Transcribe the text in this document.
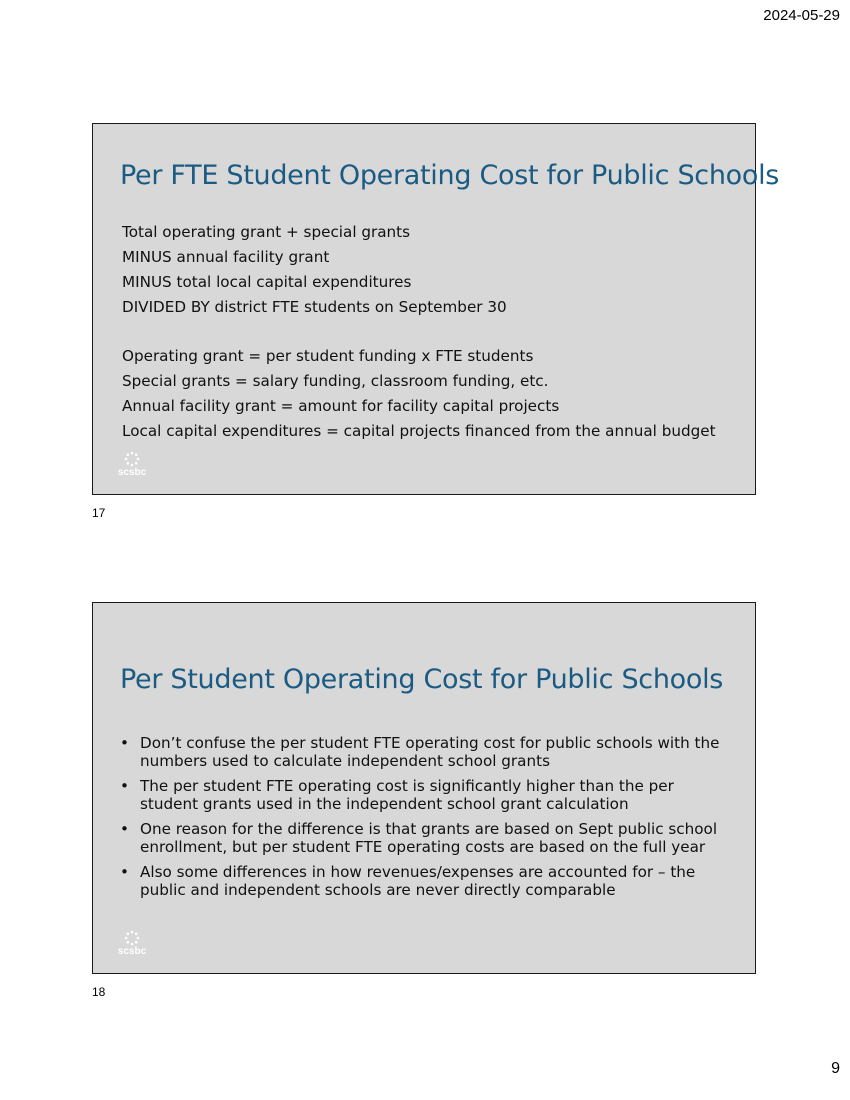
2024-05-29
Per FTE Student Operating Cost for Public Schools
Total operating grant + special grants
MINUS annual facility grant
MINUS total local capital expenditures
DIVIDED BY district FTE students on September 30
Operating grant = per student funding x FTE students
Special grants = salary funding, classroom funding, etc.
Annual facility grant = amount for facility capital projects
Local capital expenditures = capital projects financed from the annual budget
scsbc
17
Per Student Operating Cost for Public Schools
• Don’t confuse the per student FTE operating cost for public schools with the numbers used to calculate independent school grants
• The per student FTE operating cost is significantly higher than the per student grants used in the independent school grant calculation
• One reason for the difference is that grants are based on Sept public school enrollment, but per student FTE operating costs are based on the full year
• Also some differences in how revenues/expenses are accounted for – the public and independent schools are never directly comparable
scsbc
18
9
